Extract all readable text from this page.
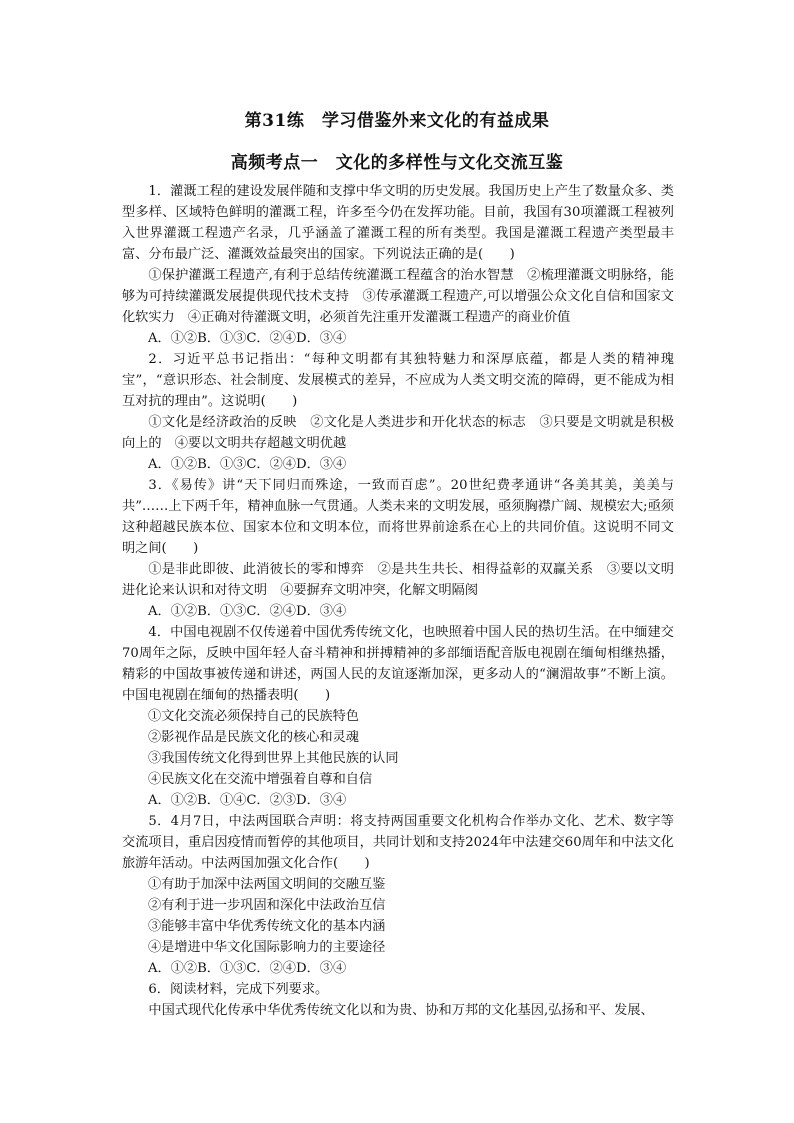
第31练　学习借鉴外来文化的有益成果
高频考点一　文化的多样性与文化交流互鉴

1．灌溉工程的建设发展伴随和支撑中华文明的历史发展。我国历史上产生了数量众多、类型多样、区域特色鲜明的灌溉工程，许多至今仍在发挥功能。目前，我国有30项灌溉工程被列入世界灌溉工程遗产名录，几乎涵盖了灌溉工程的所有类型。我国是灌溉工程遗产类型最丰富、分布最广泛、灌溉效益最突出的国家。下列说法正确的是(　　)

①保护灌溉工程遗产,有利于总结传统灌溉工程蕴含的治水智慧　②梳理灌溉文明脉络，能够为可持续灌溉发展提供现代技术支持　③传承灌溉工程遗产,可以增强公众文化自信和国家文化软实力　④正确对待灌溉文明，必须首先注重开发灌溉工程遗产的商业价值

A．①②B．①③C．②④D．③④

2．习近平总书记指出：“每种文明都有其独特魅力和深厚底蕴，都是人类的精神瑰宝”，“意识形态、社会制度、发展模式的差异，不应成为人类文明交流的障碍，更不能成为相互对抗的理由”。这说明(　　)

①文化是经济政治的反映　②文化是人类进步和开化状态的标志　③只要是文明就是积极向上的　④要以文明共存超越文明优越

A．①②B．①③C．②④D．③④

3．《易传》讲“天下同归而殊途，一致而百虑”。20世纪费孝通讲“各美其美，美美与共”……上下两千年，精神血脉一气贯通。人类未来的文明发展，亟须胸襟广阔、规模宏大;亟须这种超越民族本位、国家本位和文明本位，而将世界前途系在心上的共同价值。这说明不同文明之间(　　)

①是非此即彼、此消彼长的零和博弈　②是共生共长、相得益彰的双赢关系　③要以文明进化论来认识和对待文明　④要摒弃文明冲突，化解文明隔阂

A．①②B．①③C．②④D．③④

4．中国电视剧不仅传递着中国优秀传统文化，也映照着中国人民的热切生活。在中缅建交70周年之际，反映中国年轻人奋斗精神和拼搏精神的多部缅语配音版电视剧在缅甸相继热播，精彩的中国故事被传递和讲述，两国人民的友谊逐渐加深，更多动人的“澜湄故事”不断上演。中国电视剧在缅甸的热播表明(　　)

①文化交流必须保持自己的民族特色

②影视作品是民族文化的核心和灵魂

③我国传统文化得到世界上其他民族的认同

④民族文化在交流中增强着自尊和自信

A．①②B．①④C．②③D．③④

5．4月7日，中法两国联合声明：将支持两国重要文化机构合作举办文化、艺术、数字等交流项目，重启因疫情而暂停的其他项目，共同计划和支持2024年中法建交60周年和中法文化旅游年活动。中法两国加强文化合作(　　)

①有助于加深中法两国文明间的交融互鉴

②有利于进一步巩固和深化中法政治互信

③能够丰富中华优秀传统文化的基本内涵

④是增进中华文化国际影响力的主要途径

A．①②B．①③C．②④D．③④

6．阅读材料，完成下列要求。

中国式现代化传承中华优秀传统文化以和为贵、协和万邦的文化基因,弘扬和平、发展、
